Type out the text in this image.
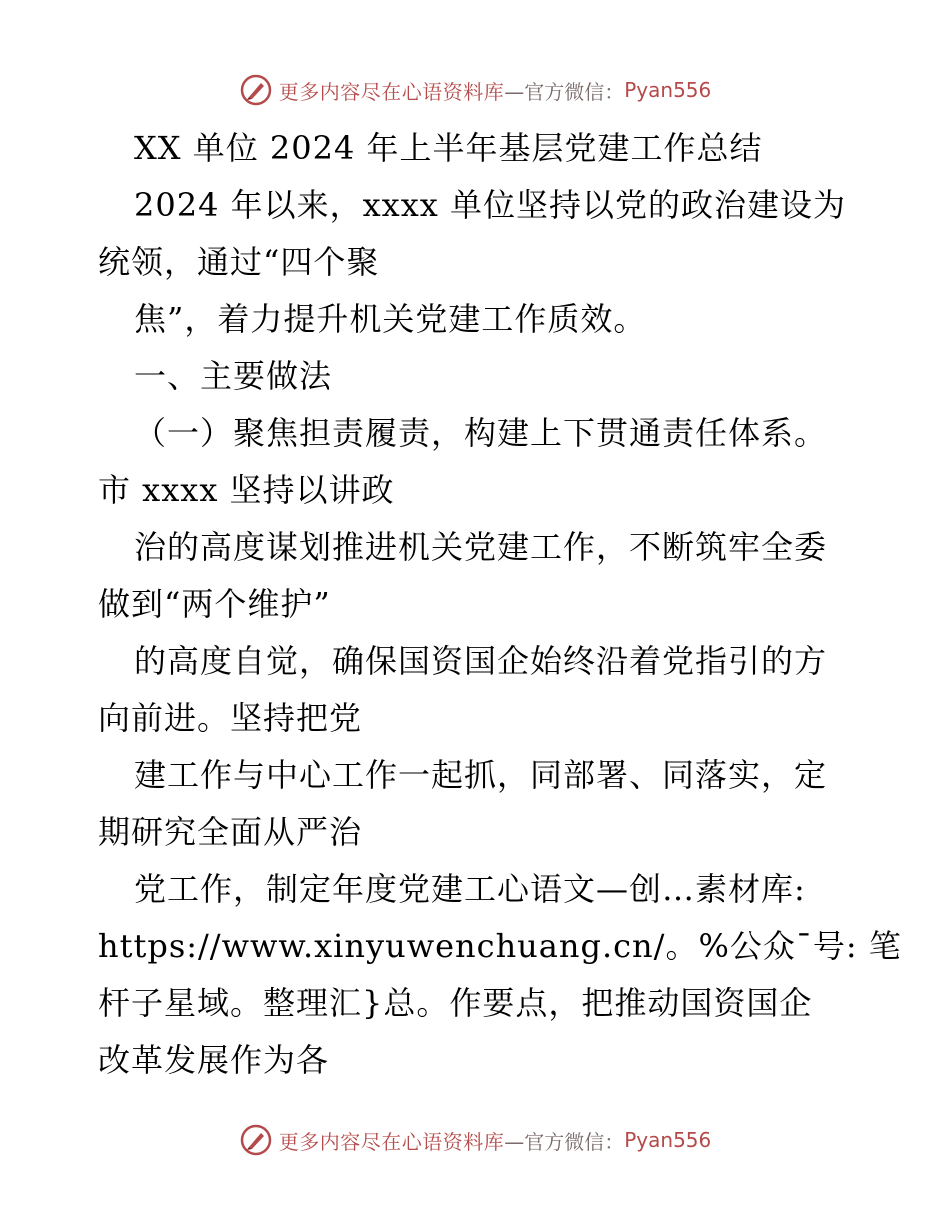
更多内容尽在心语资料库 —官方微信： Pyan556
XX 单位 2024 年上半年基层党建工作总结
2024 年以来，xxxx 单位坚持以党的政治建设为
统领，通过“四个聚
焦”，着力提升机关党建工作质效。
一、主要做法
（一）聚焦担责履责，构建上下贯通责任体系。
市 xxxx 坚持以讲政
治的高度谋划推进机关党建工作，不断筑牢全委
做到“两个维护”
的高度自觉，确保国资国企始终沿着党指引的方
向前进。坚持把党
建工作与中心工作一起抓，同部署、同落实，定
期研究全面从严治
党工作，制定年度党建工心语文—创…素材库:
https://www.xinyuwenchuang.cn/。%公众¯号: 笔
杆子星域。整理汇}总。作要点，把推动国资国企
改革发展作为各
更多内容尽在心语资料库 —官方微信： Pyan556
